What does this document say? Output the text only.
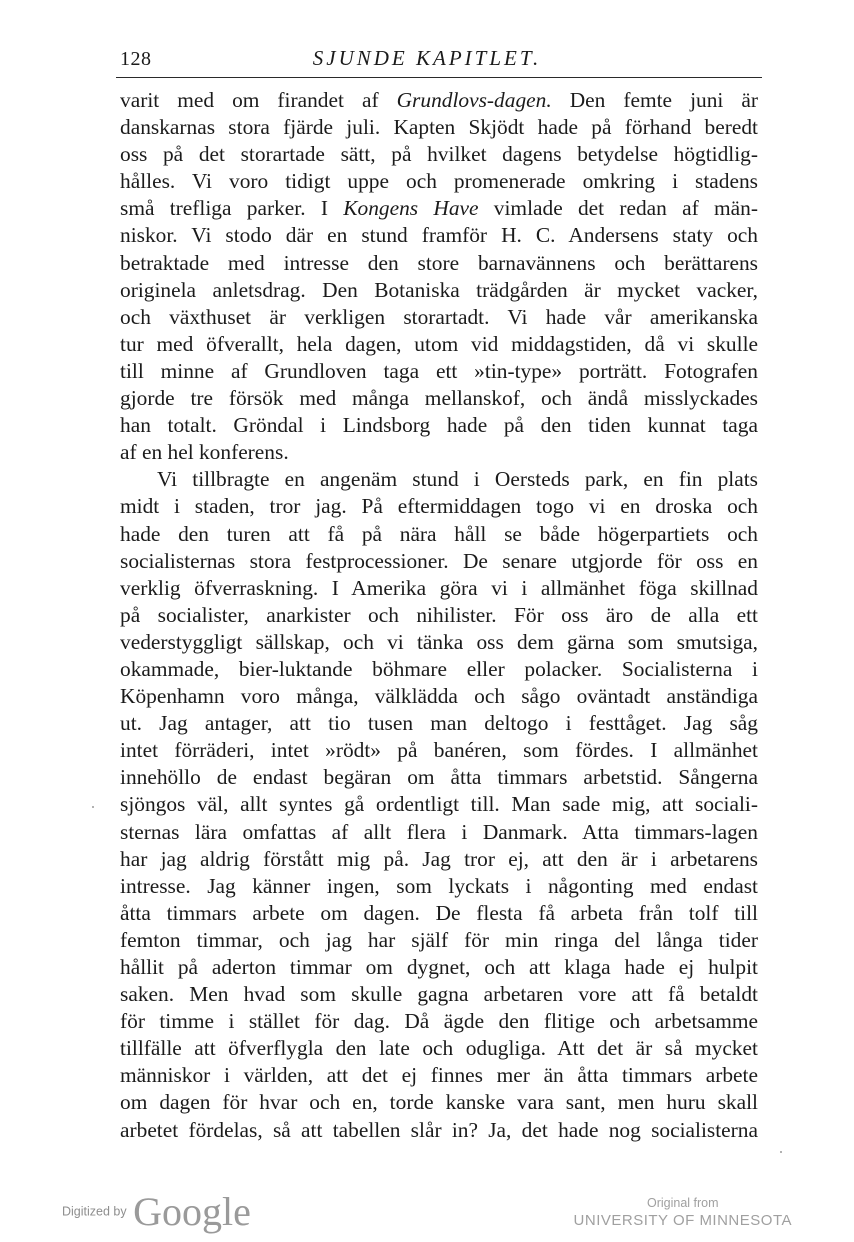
128	SJUNDE KAPITLET.
varit med om firandet af Grundlovs-dagen. Den femte juni är
danskarnas stora fjärde juli. Kapten Skjödt hade på förhand beredt
oss på det storartade sätt, på hvilket dagens betydelse högtidlig-
hålles. Vi voro tidigt uppe och promenerade omkring i stadens
små trefliga parker. I Kongens Have vimlade det redan af män-
niskor. Vi stodo där en stund framför H. C. Andersens staty och
betraktade med intresse den store barnavännens och berättarens
originela anletsdrag. Den Botaniska trädgården är mycket vacker,
och växthuset är verkligen storartadt. Vi hade vår amerikanska
tur med öfverallt, hela dagen, utom vid middagstiden, då vi skulle
till minne af Grundloven taga ett »tin-type» porträtt. Fotografen
gjorde tre försök med många mellanskof, och ändå misslyckades
han totalt. Gröndal i Lindsborg hade på den tiden kunnat taga
af en hel konferens.
Vi tillbragte en angenäm stund i Oersteds park, en fin plats
midt i staden, tror jag. På eftermiddagen togo vi en droska och
hade den turen att få på nära håll se både högerpartiets och
socialisternas stora festprocessioner. De senare utgjorde för oss en
verklig öfverraskning. I Amerika göra vi i allmänhet föga skillnad
på socialister, anarkister och nihilister. För oss äro de alla ett
vederstyggligt sällskap, och vi tänka oss dem gärna som smutsiga,
okammade, bier-luktande böhmare eller polacker. Socialisterna i
Köpenhamn voro många, välklädda och sågo oväntadt anständiga
ut. Jag antager, att tio tusen man deltogo i festtåget. Jag såg
intet förräderi, intet »rödt» på banéren, som fördes. I allmänhet
innehöllo de endast begäran om åtta timmars arbetstid. Sångerna
sjöngos väl, allt syntes gå ordentligt till. Man sade mig, att sociali-
sternas lära omfattas af allt flera i Danmark. Atta timmars-lagen
har jag aldrig förstått mig på. Jag tror ej, att den är i arbetarens
intresse. Jag känner ingen, som lyckats i någonting med endast
åtta timmars arbete om dagen. De flesta få arbeta från tolf till
femton timmar, och jag har själf för min ringa del långa tider
hållit på aderton timmar om dygnet, och att klaga hade ej hulpit
saken. Men hvad som skulle gagna arbetaren vore att få betaldt
för timme i stället för dag. Då ägde den flitige och arbetsamme
tillfälle att öfverflygla den late och odugliga. Att det är så mycket
människor i världen, att det ej finnes mer än åtta timmars arbete
om dagen för hvar och en, torde kanske vara sant, men huru skall
arbetet fördelas, så att tabellen slår in? Ja, det hade nog socialisterna
Digitized by Google	Original from
UNIVERSITY OF MINNESOTA
